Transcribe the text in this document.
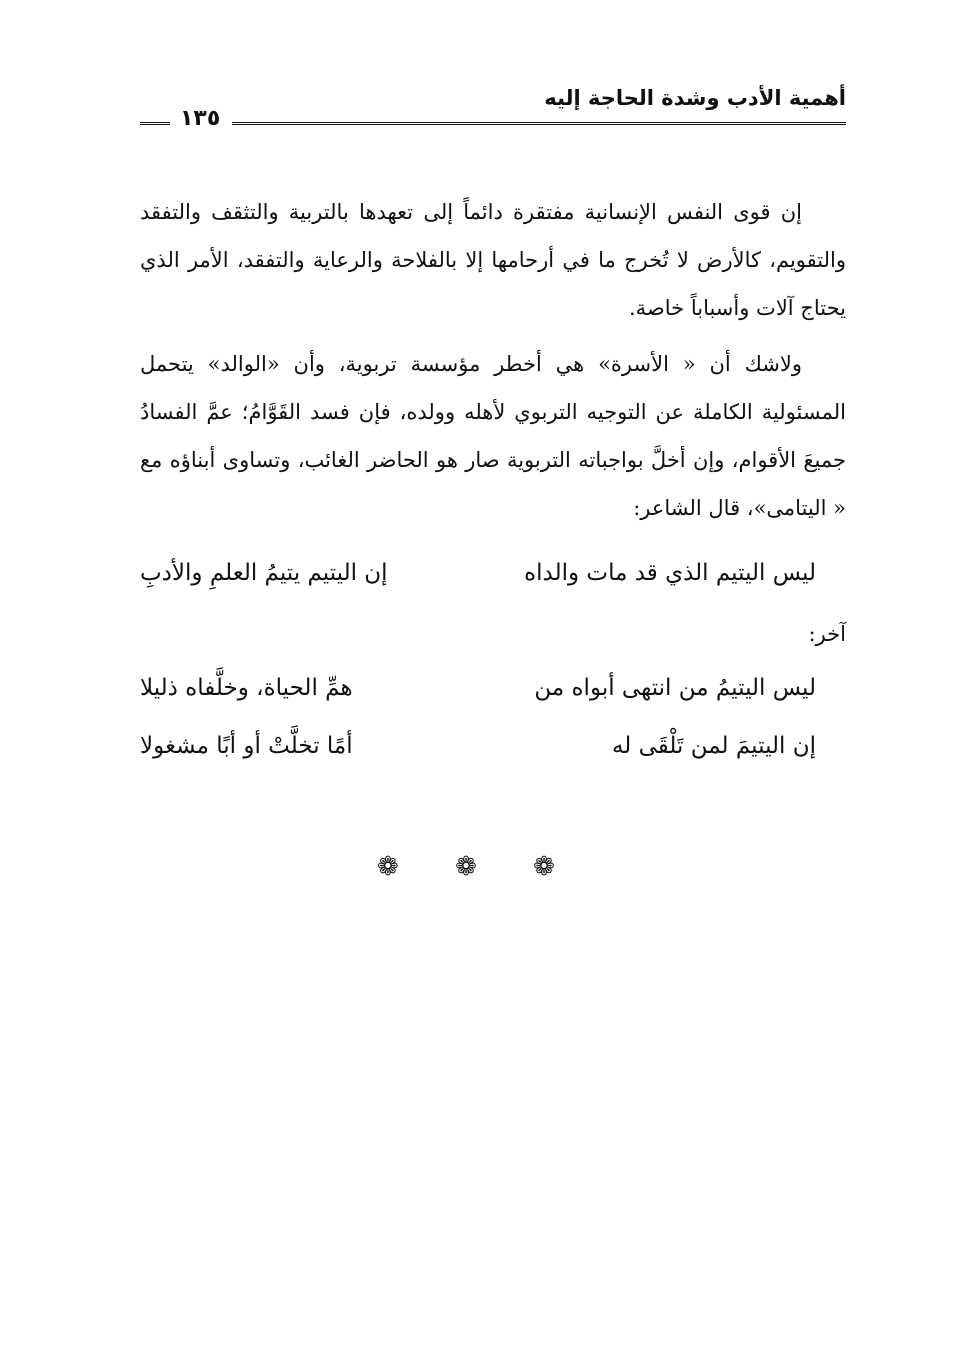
أهمية الأدب وشدة الحاجة إليه
١٣٥

إن قوى النفس الإنسانية مفتقرة دائماً إلى تعهدها بالتربية والتثقف والتفقد والتقويم، كالأرض لا تُخرج ما في أرحامها إلا بالفلاحة والرعاية والتفقد، الأمر الذي يحتاج آلات وأسباباً خاصة.

ولاشك أن « الأسرة» هي أخطر مؤسسة تربوية، وأن «الوالد» يتحمل المسئولية الكاملة عن التوجيه التربوي لأهله وولده، فإن فسد القَوَّامُ؛ عمَّ الفسادُ جميعَ الأقوام، وإن أخلَّ بواجباته التربوية صار هو الحاضر الغائب، وتساوى أبناؤه مع « اليتامى»، قال الشاعر:

ليس اليتيم الذي قد مات والداه
إن اليتيم يتيمُ العلمِ والأدبِ
آخر:
ليس اليتيمُ من انتهى أبواه من
همِّ الحياة، وخلَّفاه ذليلا
إن اليتيمَ لمن تَلْقَى له
أمًا تخلَّتْ أو أبًا مشغولا
❁ ❁ ❁
